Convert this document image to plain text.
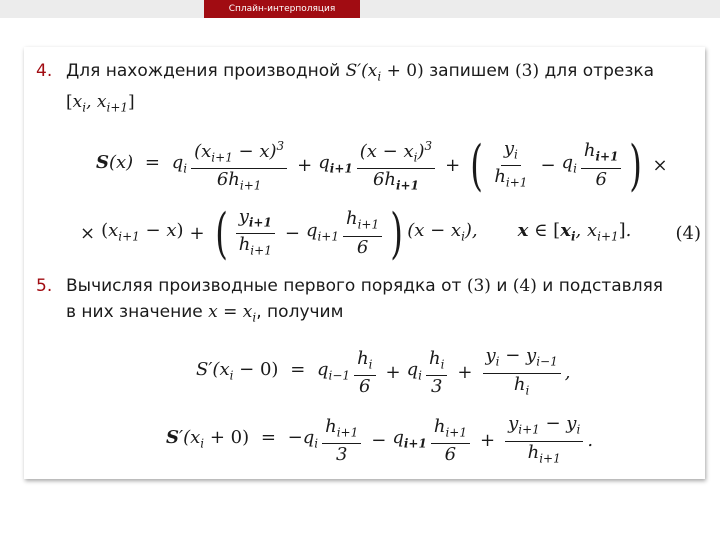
Сплайн-интерполяция
4. Для нахождения производной $S'(x_i + 0)$ запишем (3) для отрезка
[$x_i$, $x_{i+1}$]
$S(x) = q_i \frac{(x_{i+1} - x)^3}{6h_{i+1}} + q_{i+1} \frac{(x - x_i)^3}{6h_{i+1}}$ + ( $\frac{y_i}{h_{i+1}} - q_i \frac{h_{i+1}}{6}$ ) ×
× $(x_{i+1} - x)$ + ( $\frac{y_{i+1}}{h_{i+1}} - q_{i+1} \frac{h_{i+1}}{6}$ ) $(x - x_i)$, x ∈ [$x_i$, $x_{i+1}$]. (4)
5. Вычисляя производные первого порядка от (3) и (4) и подставляя
в них значение $x = x_i$, получим
$S'(x_i - 0) = q_{i-1} \frac{h_i}{6} + q_i \frac{h_i}{3} + \frac{y_i - y_{i-1}}{h_i}$ ,
$S'(x_i + 0) = -q_i \frac{h_{i+1}}{3} - q_{i+1} \frac{h_{i+1}}{6} + \frac{y_{i+1} - y_i}{h_{i+1}}$ .
